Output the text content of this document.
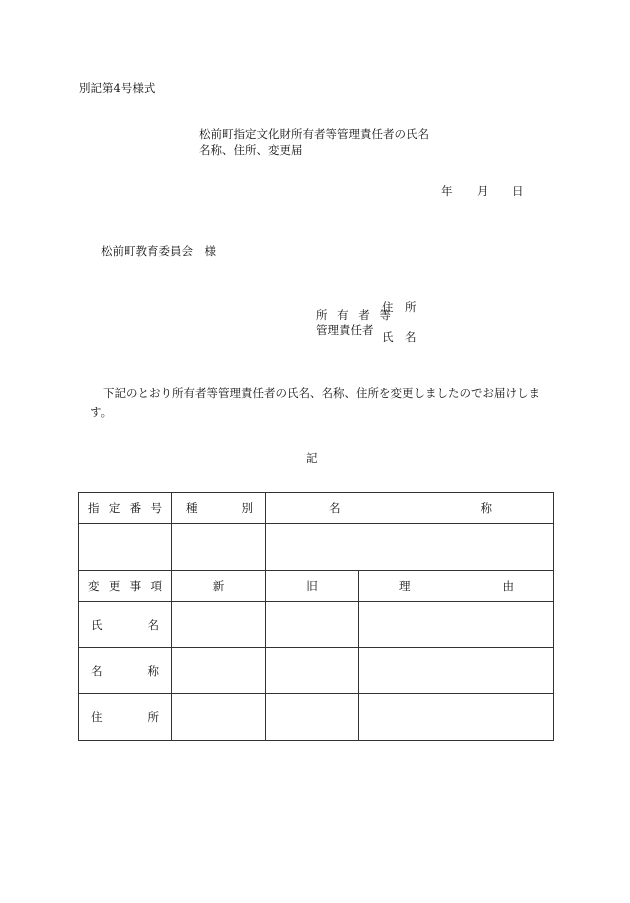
別記第4号様式
松前町指定文化財所有者等管理責任者の氏名
名称、住所、変更届
年 月 日
松前町教育委員会　様
所 有 者 等
管理責任者
住　所
氏　名
下記のとおり所有者等管理責任者の氏名、名称、住所を変更しましたのでお届けしま
す。
記
指 定 番 号	種 別	名 称	

変 更 事 項	新	旧	理 由

氏 名			

名 称			

住 所			
